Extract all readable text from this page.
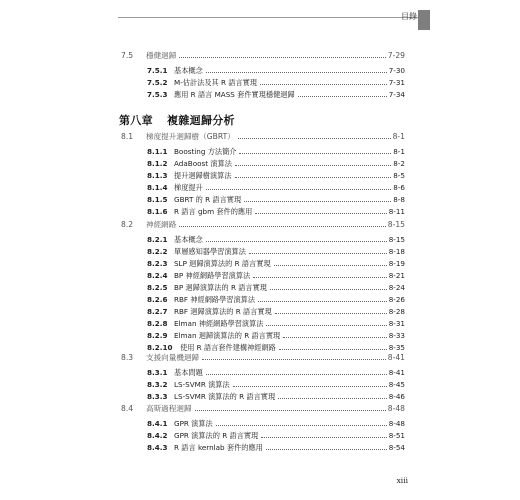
目錄
7.5	穩健迴歸	7-29
7.5.1 基本概念	7-30
7.5.2 M-估計法及其 R 語言實現	7-31
7.5.3 應用 R 語言 MASS 套件實現穩健迴歸	7-34
第八章 複雜迴歸分析
8.1	梯度提升迴歸樹（GBRT）	8-1
8.1.1 Boosting 方法簡介	8-1
8.1.2 AdaBoost 演算法	8-2
8.1.3 提升迴歸樹演算法	8-5
8.1.4 梯度提升	8-6
8.1.5 GBRT 的 R 語言實現	8-8
8.1.6 R 語言 gbm 套件的應用	8-11
8.2	神經網路	8-15
8.2.1 基本概念	8-15
8.2.2 單層感知器學習演算法	8-18
8.2.3 SLP 迴歸演算法的 R 語言實現	8-19
8.2.4 BP 神經網路學習演算法	8-21
8.2.5 BP 迴歸演算法的 R 語言實現	8-24
8.2.6 RBF 神經網路學習演算法	8-26
8.2.7 RBF 迴歸演算法的 R 語言實現	8-28
8.2.8 Elman 神經網路學習演算法	8-31
8.2.9 Elman 迴歸演算法的 R 語言實現	8-33
8.2.10	使用 R 語言套件建構神經網路	8-35
8.3	支援向量機迴歸	8-41
8.3.1 基本問題	8-41
8.3.2 LS-SVMR 演算法	8-45
8.3.3 LS-SVMR 演算法的 R 語言實現	8-46
8.4	高斯過程迴歸	8-48
8.4.1 GPR 演算法	8-48
8.4.2 GPR 演算法的 R 語言實現	8-51
8.4.3 R 語言 kernlab 套件的應用	8-54
xiii
